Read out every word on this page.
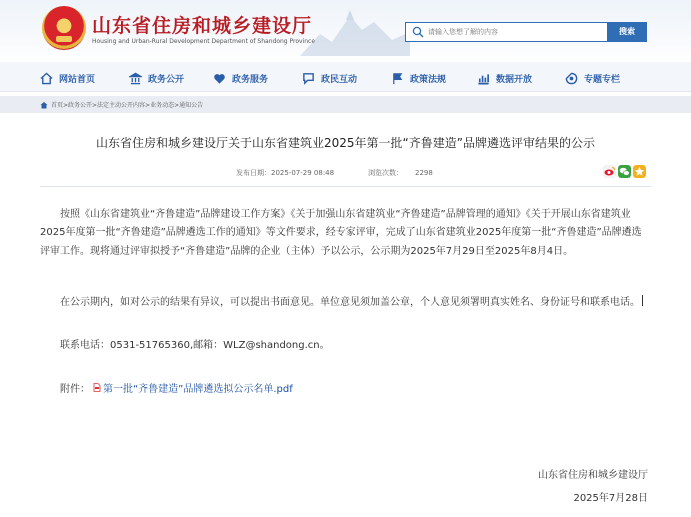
山东省住房和城乡建设厅
Housing and Urban-Rural Development Department of Shandong Province
请输入您想了解的内容
搜索
网站首页	政务公开	政务服务	政民互动	政策法规	数据开放	专题专栏
首页>政务公开>法定主动公开内容>业务动态>通知公告
山东省住房和城乡建设厅关于山东省建筑业2025年第一批“齐鲁建造”品牌遴选评审结果的公示
发布日期：2025-07-29 08:48	浏览次数： 2298
按照《山东省建筑业“齐鲁建造”品牌建设工作方案》《关于加强山东省建筑业“齐鲁建造”品牌管理的通知》《关于开展山东省建筑业2025年度第一批“齐鲁建造”品牌遴选工作的通知》等文件要求，经专家评审，完成了山东省建筑业2025年度第一批“齐鲁建造”品牌遴选评审工作。现将通过评审拟授予“齐鲁建造”品牌的企业（主体）予以公示，公示期为2025年7月29日至2025年8月4日。
在公示期内，如对公示的结果有异议，可以提出书面意见。单位意见须加盖公章，个人意见须署明真实姓名、身份证号和联系电话。
联系电话：0531-51765360,邮箱：WLZ@shandong.cn。
附件： 第一批“齐鲁建造”品牌遴选拟公示名单.pdf
山东省住房和城乡建设厅
2025年7月28日
